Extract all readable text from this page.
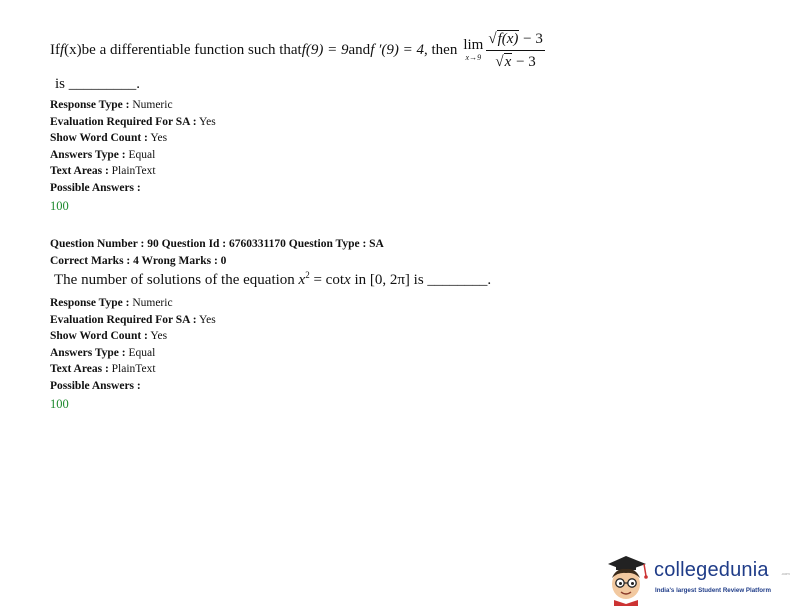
If f (x) be a differentiable function such that f(9) = 9 and f ′(9) = 4 , then lim
$x\to 9 \frac{√ f(x) - 3}{√ x - 3}$
is _________.
Response Type : Numeric
Evaluation Required For SA : Yes
Show Word Count : Yes
Answers Type : Equal
Text Areas : PlainText
Possible Answers :
100
Question Number : 90 Question Id : 6760331170 Question Type : SA
Correct Marks : 4 Wrong Marks : 0
The number of solutions of the equation $x^2 = \cot x$ in [0, 2π] is ________.
Response Type : Numeric
Evaluation Required For SA : Yes
Show Word Count : Yes
Answers Type : Equal
Text Areas : PlainText
Possible Answers :
100
collegedunia	.com
India's largest Student Review Platform
